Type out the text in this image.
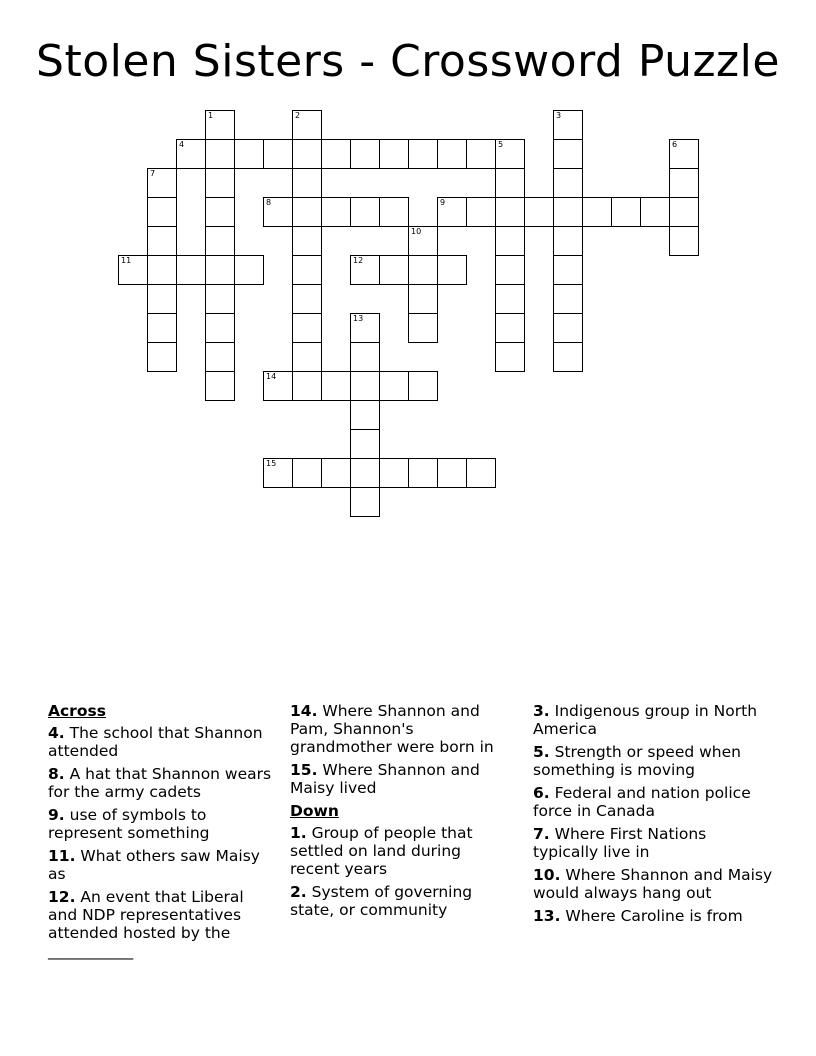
Stolen Sisters - Crossword Puzzle
4
8	9
11	12
14
15
1	2	3
5	6
7
10
13
Across
4. The school that Shannon attended
8. A hat that Shannon wears for the army cadets
9. use of symbols to represent something
11. What others saw Maisy as
12. An event that Liberal and NDP representatives attended hosted by the ___________
14. Where Shannon and Pam, Shannon's grandmother were born in
15. Where Shannon and Maisy lived
Down
1. Group of people that settled on land during recent years
2. System of governing state, or community
3. Indigenous group in North America
5. Strength or speed when something is moving
6. Federal and nation police force in Canada
7. Where First Nations typically live in
10. Where Shannon and Maisy would always hang out
13. Where Caroline is from
